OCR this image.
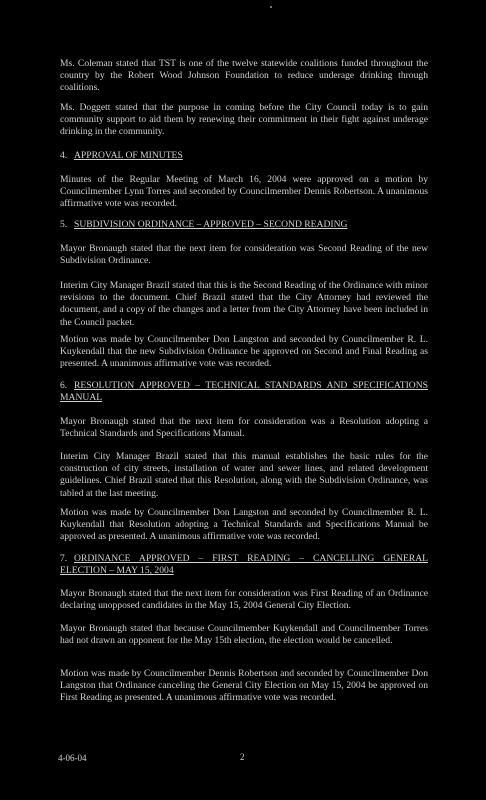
Ms. Coleman stated that TST is one of the twelve statewide coalitions funded throughout the country by the Robert Wood Johnson Foundation to reduce underage drinking through coalitions.

Ms. Doggett stated that the purpose in coming before the City Council today is to gain community support to aid them by renewing their commitment in their fight against underage drinking in the community.

4. APPROVAL OF MINUTES

Minutes of the Regular Meeting of March 16, 2004 were approved on a motion by Councilmember Lynn Torres and seconded by Councilmember Dennis Robertson. A unanimous affirmative vote was recorded.

5. SUBDIVISION ORDINANCE – APPROVED – SECOND READING

Mayor Bronaugh stated that the next item for consideration was Second Reading of the new Subdivision Ordinance.

Interim City Manager Brazil stated that this is the Second Reading of the Ordinance with minor revisions to the document. Chief Brazil stated that the City Attorney had reviewed the document, and a copy of the changes and a letter from the City Attorney have been included in the Council packet.

Motion was made by Councilmember Don Langston and seconded by Councilmember R. L. Kuykendall that the new Subdivision Ordinance be approved on Second and Final Reading as presented. A unanimous affirmative vote was recorded.

6. RESOLUTION APPROVED – TECHNICAL STANDARDS AND SPECIFICATIONS MANUAL

Mayor Bronaugh stated that the next item for consideration was a Resolution adopting a Technical Standards and Specifications Manual.

Interim City Manager Brazil stated that this manual establishes the basic rules for the construction of city streets, installation of water and sewer lines, and related development guidelines. Chief Brazil stated that this Resolution, along with the Subdivision Ordinance, was tabled at the last meeting.

Motion was made by Councilmember Don Langston and seconded by Councilmember R. L. Kuykendall that Resolution adopting a Technical Standards and Specifications Manual be approved as presented. A unanimous affirmative vote was recorded.

7. ORDINANCE APPROVED – FIRST READING – CANCELLING GENERAL ELECTION – MAY 15, 2004

Mayor Bronaugh stated that the next item for consideration was First Reading of an Ordinance declaring unopposed candidates in the May 15, 2004 General City Election.

Mayor Bronaugh stated that because Councilmember Kuykendall and Councilmember Torres had not drawn an opponent for the May 15th election, the election would be cancelled.

Motion was made by Councilmember Dennis Robertson and seconded by Councilmember Don Langston that Ordinance canceling the General City Election on May 15, 2004 be approved on First Reading as presented. A unanimous affirmative vote was recorded.

4-06-04	2
